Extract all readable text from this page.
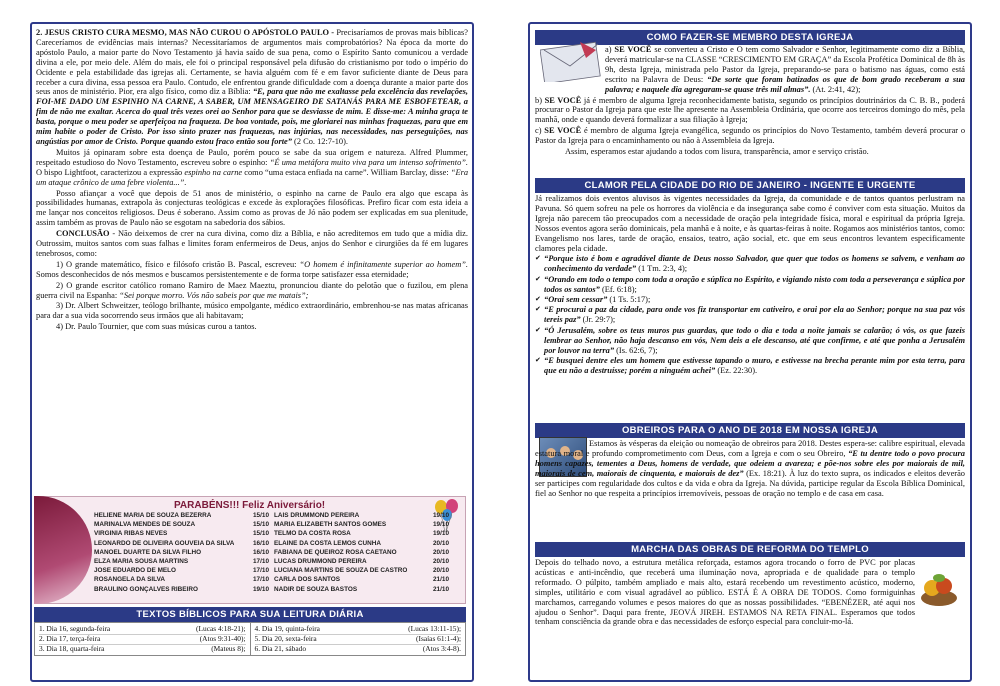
2. JESUS CRISTO CURA MESMO, MAS NÃO CUROU O APÓSTOLO PAULO - Precisaríamos de provas mais bíblicas? Careceríamos de evidências mais internas? Necessitaríamos de argumentos mais comprobatórios? Na época da morte do apóstolo Paulo, a maior parte do Novo Testamento já havia saído de sua pena, como o Espírito Santo comunicou a verdade divina a ele, por meio dele. Além do mais, ele foi o principal responsável pela difusão do cristianismo por todo o império do Ocidente e pela estabilidade das igrejas ali. Certamente, se havia alguém com fé e em favor suficiente diante de Deus para receber a cura divina, essa pessoa era Paulo. Contudo, ele enfrentou grande dificuldade com a doença durante a maior parte dos seus anos de ministério. Pior, era algo físico, como diz a Bíblia: “E, para que não me exaltasse pela excelência das revelações, FOI-ME DADO UM ESPINHO NA CARNE, A SABER, UM MENSAGEIRO DE SATANÁS PARA ME ESBOFETEAR, a fim de não me exaltar. Acerca do qual três vezes orei ao Senhor para que se desviasse de mim. E disse-me: A minha graça te basta, porque o meu poder se aperfeiçoa na fraqueza. De boa vontade, pois, me gloriarei nas minhas fraquezas, para que em mim habite o poder de Cristo. Por isso sinto prazer nas fraquezas, nas injúrias, nas necessidades, nas perseguições, nas angústias por amor de Cristo. Porque quando estou fraco então sou forte” (2 Co. 12:7-10).

Muitos já opinaram sobre esta doença de Paulo, porém pouco se sabe da sua origem e natureza. Alfred Plummer, respeitado estudioso do Novo Testamento, escreveu sobre o espinho: “É uma metáfora muito viva para um intenso sofrimento”. O bispo Lightfoot, caracterizou a expressão espinho na carne como “uma estaca enfiada na carne”. William Barclay, disse: “Era um ataque crônico de uma febre violenta...”.

Posso afiançar a você que depois de 51 anos de ministério, o espinho na carne de Paulo era algo que escapa às possibilidades humanas, extrapola às conjecturas teológicas e excede às explorações filosóficas. Prefiro ficar com esta ideia a me lançar nos conceitos religiosos. Deus é soberano. Assim como as provas de Jó não podem ser explicadas em sua plenitude, assim também as provas de Paulo não se esgotam na sabedoria dos sábios.

CONCLUSÃO - Não deixemos de crer na cura divina, como diz a Bíblia, e não acreditemos em tudo que a mídia diz. Outrossim, muitos santos com suas falhas e limites foram enfermeiros de Deus, anjos do Senhor e cirurgiões da fé em lugares tenebrosos, como:

1) O grande matemático, físico e filósofo cristão B. Pascal, escreveu: “O homem é infinitamente superior ao homem”. Somos desconhecidos de nós mesmos e buscamos persistentemente e de forma torpe satisfazer essa eternidade;
2) O grande escritor católico romano Ramiro de Maez Maeztu, pronunciou diante do pelotão que o fuzilou, em plena guerra civil na Espanha: “Sei porque morro. Vós não sabeis por que me matais”;
3) Dr. Albert Schweitzer, teólogo brilhante, músico empolgante, médico extraordinário, embrenhou-se nas matas africanas para dar a sua vida socorrendo seus irmãos que ali habitavam;
4) Dr. Paulo Tournier, que com suas músicas curou a tantos.
PARABÉNS!!! Feliz Aniversário!
HELIENE MARIA DE SOUZA BEZERRA	15/10
MARINALVA MENDES DE SOUZA	15/10
VIRGINIA RIBAS NEVES	15/10
LEONARDO DE OLIVEIRA GOUVEIA DA SILVA	16/10
MANOEL DUARTE DA SILVA FILHO	16/10
ELZA MARIA SOUSA MARTINS	17/10
JOSE EDUARDO DE MELO	17/10
ROSANGELA DA SILVA	17/10
BRAULINO GONÇALVES RIBEIRO	19/10
LAIS DRUMMOND PEREIRA	19/10
MARIA ELIZABETH SANTOS GOMES	19/10
TELMO DA COSTA ROSA	19/10
ELAINE DA COSTA LEMOS CUNHA	20/10
FABIANA DE QUEIROZ ROSA CAETANO	20/10
LUCAS DRUMMOND PEREIRA	20/10
LUCIANA MARTINS DE SOUZA DE CASTRO	20/10
CARLA DOS SANTOS	21/10
NADIR DE SOUZA BASTOS	21/10
TEXTOS BÍBLICOS PARA SUA LEITURA DIÁRIA
1. Dia 16, segunda-feira	(Lucas 4:18-21);
2. Dia 17, terça-feira	(Atos 9:31-40);
3. Dia 18, quarta-feira	(Mateus 8);
4. Dia 19, quinta-feira	(Lucas 13:11-15);
5. Dia 20, sexta-feira	(Isaías 61:1-4);
6. Dia 21, sábado	(Atos 3:4-8).
COMO FAZER-SE MEMBRO DESTA IGREJA

a) SE VOCÊ se converteu a Cristo e O tem como Salvador e Senhor, legitimamente como diz a Bíblia, deverá matricular-se na CLASSE “CRESCIMENTO EM GRAÇA” da Escola Profética Dominical de 8h às 9h, desta Igreja, ministrada pelo Pastor da Igreja, preparando-se para o batismo nas águas, como está escrito na Palavra de Deus: “De sorte que foram batizados os que de bom grado receberam a sua palavra; e naquele dia agregaram-se quase três mil almas”. (At. 2:41, 42);

b) SE VOCÊ já é membro de alguma Igreja reconhecidamente batista, segundo os princípios doutrinários da C. B. B., poderá procurar o Pastor da Igreja para que este lhe apresente na Assembleia Ordinária, que ocorre aos terceiros domingo do mês, pela manhã, onde e quando deverá formalizar a sua filiação à Igreja;

c) SE VOCÊ é membro de alguma Igreja evangélica, segundo os princípios do Novo Testamento, também deverá procurar o Pastor da Igreja para o encaminhamento ou não à Assembleia da Igreja.

Assim, esperamos estar ajudando a todos com lisura, transparência, amor e serviço cristão.

CLAMOR PELA CIDADE DO RIO DE JANEIRO - INGENTE E URGENTE

Já realizamos dois eventos aluvisos às vigentes necessidades da Igreja, da comunidade e de tantos quantos perlustram na Pavuna. Só quem sofreu na pele os horrores da violência e da insegurança sabe como é conviver com esta situação. Muitos da Igreja não parecem tão preocupados com a necessidade de oração pela integridade física, moral e espiritual da própria Igreja. Nossos eventos agora serão dominicais, pela manhã e à noite, e às quartas-feiras à noite. Rogamos aos ministérios tantos, como: Evangelismo nos lares, tarde de oração, ensaios, teatro, ação social, etc. que em seus encontros levantem especificamente clamores pela cidade.

✔ “Porque isto é bom e agradável diante de Deus nosso Salvador, que quer que todos os homens se salvem, e venham ao conhecimento da verdade” (1 Tm. 2:3, 4);
✔ “Orando em todo o tempo com toda a oração e súplica no Espírito, e vigiando nisto com toda a perseverança e súplica por todos os santos” (Ef. 6:18);
✔ “Orai sem cessar” (1 Ts. 5:17);
✔ “E procurai a paz da cidade, para onde vos fiz transportar em cativeiro, e orai por ela ao Senhor; porque na sua paz vós tereis paz” (Jr. 29:7);
✔ “Ó Jerusalém, sobre os teus muros pus guardas, que todo o dia e toda a noite jamais se calarão; ó vós, os que fazeis lembrar ao Senhor, não haja descanso em vós, Nem deis a ele descanso, até que confirme, e até que ponha a Jerusalém por louvor na terra” (Is. 62:6, 7);
✔ “E busquei dentre eles um homem que estivesse tapando o muro, e estivesse na brecha perante mim por esta terra, para que eu não a destruísse; porém a ninguém achei” (Ez. 22:30).
OBREIROS PARA O ANO DE 2018 EM NOSSA IGREJA

Estamos às vésperas da eleição ou nomeação de obreiros para 2018. Destes espera-se: calibre espiritual, elevada estatura moral e profundo comprometimento com Deus, com a Igreja e com o seu Obreiro, “E tu dentre todo o povo procura homens capazes, tementes a Deus, homens de verdade, que odeiem a avareza; e põe-nos sobre eles por maiorais de mil, maiorais de cem, maiorais de cinquenta, e maiorais de dez” (Ex. 18:21). À luz do texto supra, os indicados e eleitos deverão ser participes com regularidade dos cultos e da vida e obra da Igreja. Na dúvida, participe regular da Escola Bíblica Dominical, fiel ao Senhor no que respeita a princípios irremovíveis, pessoas de oração no templo e de casa em casa.

MARCHA DAS OBRAS DE REFORMA DO TEMPLO

Depois do telhado novo, a estrutura metálica reforçada, estamos agora trocando o forro de PVC por placas acústicas e anti-incêndio, que receberá uma iluminação nova, apropriada e de qualidade para o templo reformado. O púlpito, também ampliado e mais alto, estará recebendo um revestimento acústico, moderno, simples, utilitário e com visual agradável ao público. ESTÁ É A OBRA DE TODOS. Como formiguinhas marchamos, carregando volumes e pesos maiores do que as nossas possibilidades. “EBENÉZER, até aqui nos ajudou o Senhor”. Daqui para frente, JEOVÁ JIREH. ESTAMOS NA RETA FINAL. Esperamos que todos tenham consciência da grande obra e das necessidades de esforço especial para concluir-mo-lá.
